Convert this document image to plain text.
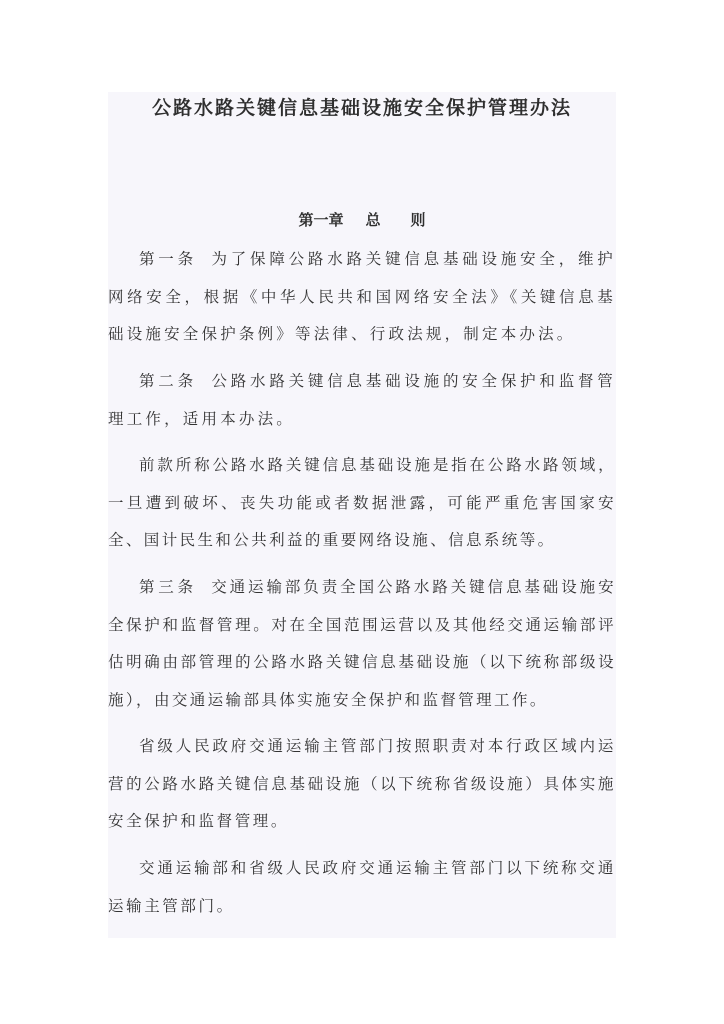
公路水路关键信息基础设施安全保护管理办法
第一章 总 则

第一条 为了保障公路水路关键信息基础设施安全，维护网络安全，根据《中华人民共和国网络安全法》《关键信息基础设施安全保护条例》等法律、行政法规，制定本办法。

第二条 公路水路关键信息基础设施的安全保护和监督管理工作，适用本办法。

前款所称公路水路关键信息基础设施是指在公路水路领域，一旦遭到破坏、丧失功能或者数据泄露，可能严重危害国家安全、国计民生和公共利益的重要网络设施、信息系统等。

第三条 交通运输部负责全国公路水路关键信息基础设施安全保护和监督管理。对在全国范围运营以及其他经交通运输部评估明确由部管理的公路水路关键信息基础设施（以下统称部级设施），由交通运输部具体实施安全保护和监督管理工作。

省级人民政府交通运输主管部门按照职责对本行政区域内运营的公路水路关键信息基础设施（以下统称省级设施）具体实施安全保护和监督管理。

交通运输部和省级人民政府交通运输主管部门以下统称交通运输主管部门。
